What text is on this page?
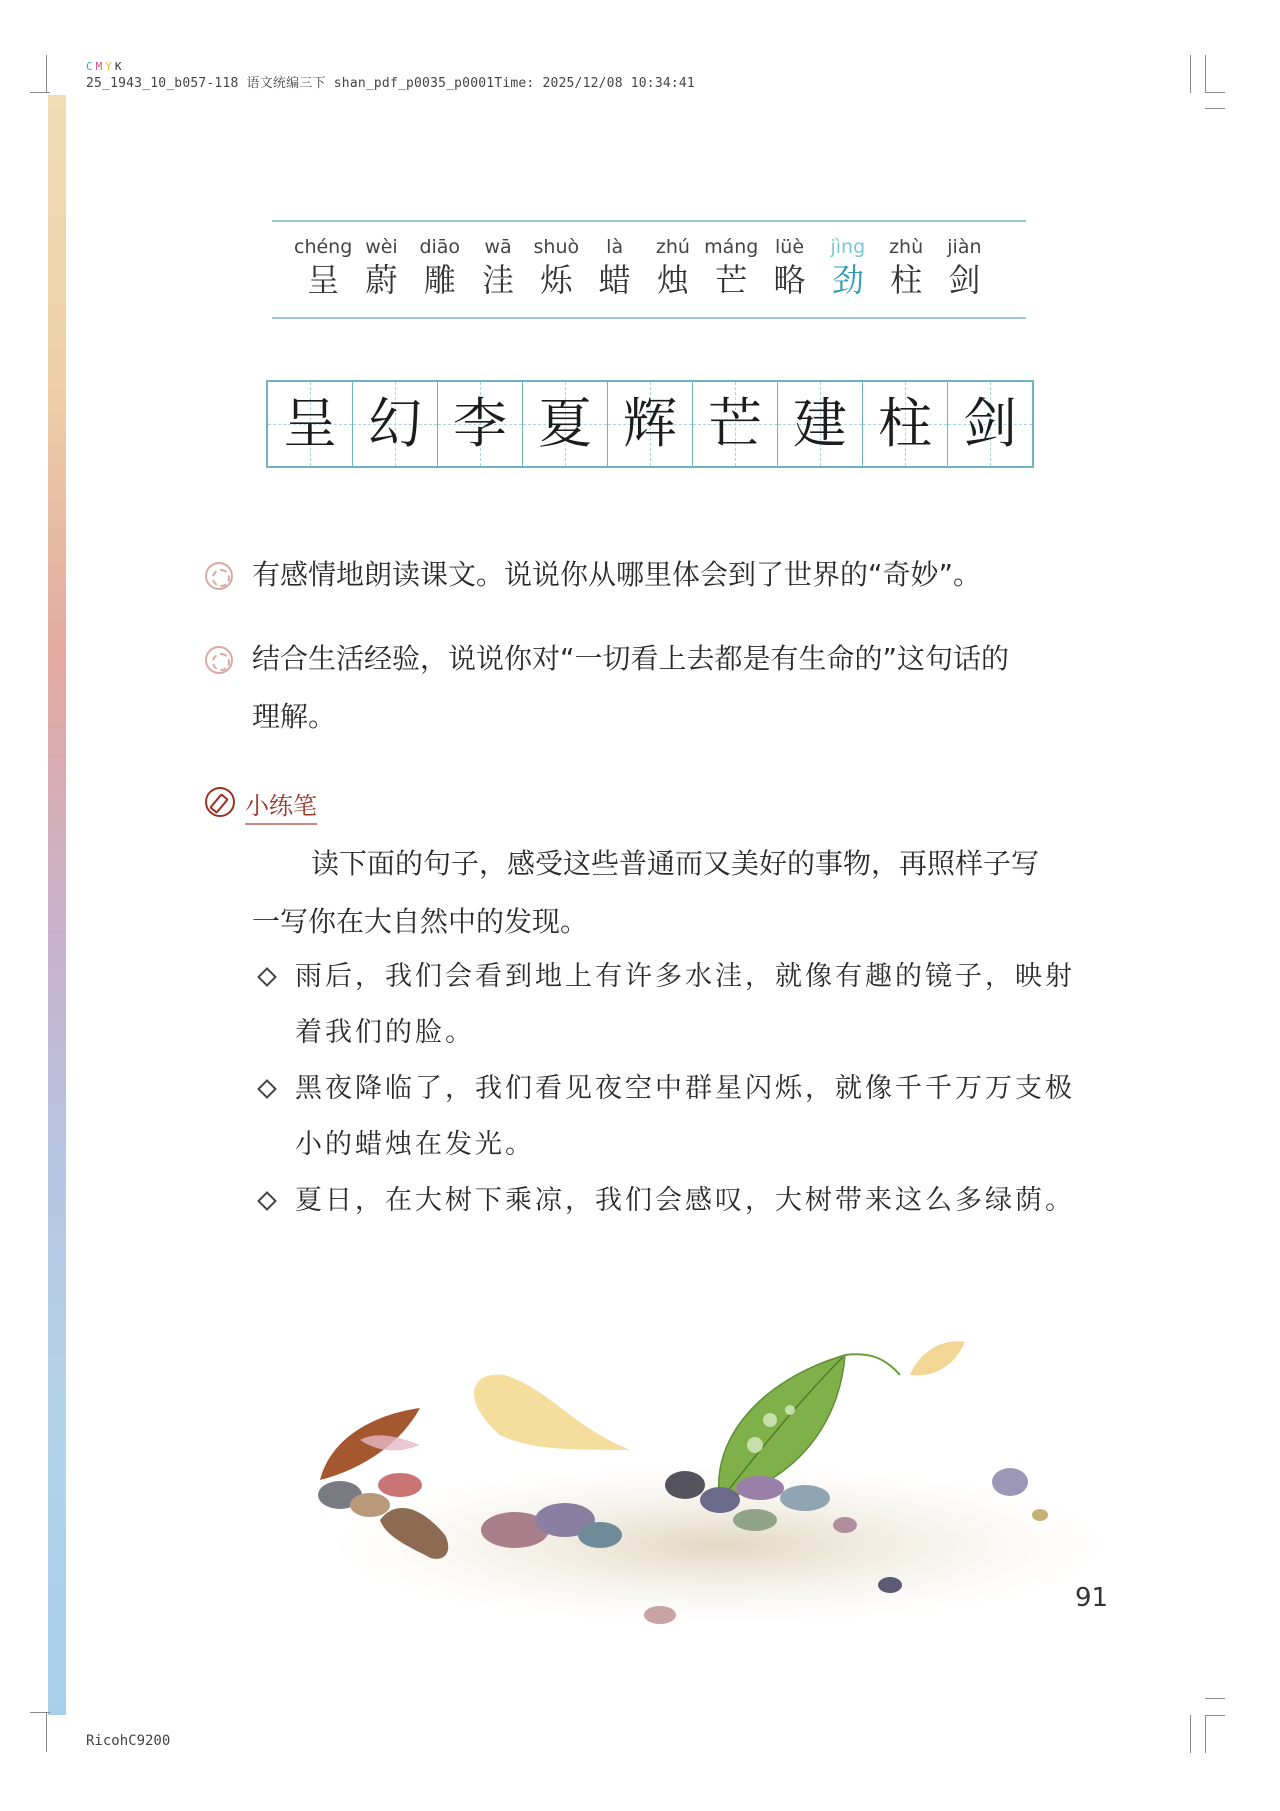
CMYK
25_1943_10_b057-118 语文统编三下 shan_pdf_p0035_p0001Time: 2025/12/08 10:34:41
chéng
呈
wèi
蔚
diāo
雕
wā
洼
shuò
烁
là
蜡
zhú
烛
máng
芒
lüè
略
jìng
劲
zhù
柱
jiàn
剑
呈 幻 李 夏 辉 芒 建 柱 剑
有感情地朗读课文。说说你从哪里体会到了世界的“奇妙”。
结合生活经验，说说你对“一切看上去都是有生命的”这句话的
理解。
小练笔
读下面的句子，感受这些普通而又美好的事物，再照样子写
一写你在大自然中的发现。
雨后，我们会看到地上有许多水洼，就像有趣的镜子，映射
着我们的脸。
黑夜降临了，我们看见夜空中群星闪烁，就像千千万万支极
小的蜡烛在发光。
夏日，在大树下乘凉，我们会感叹，大树带来这么多绿荫。
91
RicohC9200
